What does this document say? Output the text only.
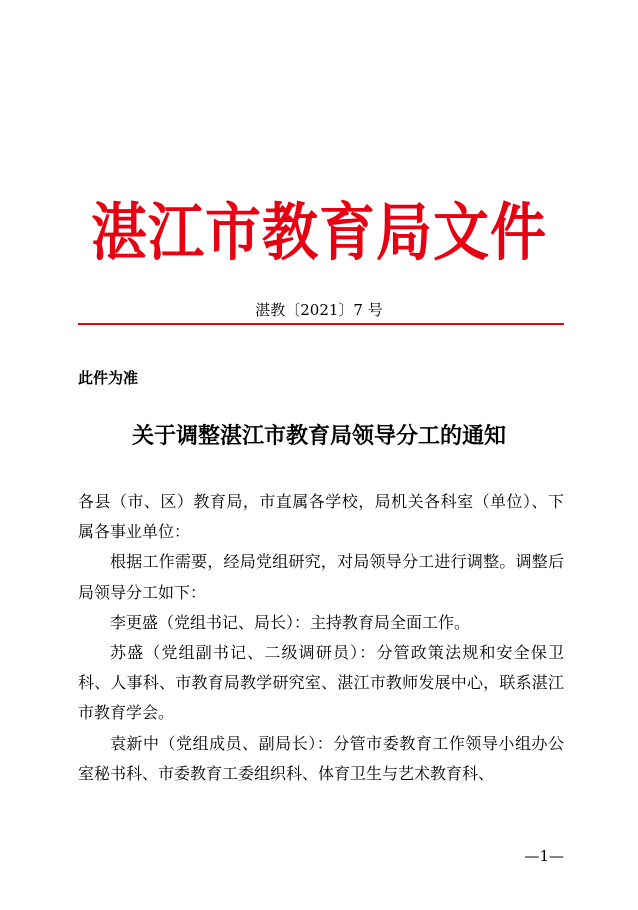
湛江市教育局文件
湛教〔2021〕7 号
此件为准
关于调整湛江市教育局领导分工的通知

各县（市、区）教育局，市直属各学校，局机关各科室（单位）、下属各事业单位：

根据工作需要，经局党组研究，对局领导分工进行调整。调整后局领导分工如下：

李更盛（党组书记、局长）：主持教育局全面工作。

苏盛（党组副书记、二级调研员）：分管政策法规和安全保卫科、人事科、市教育局教学研究室、湛江市教师发展中心，联系湛江市教育学会。

袁新中（党组成员、副局长）：分管市委教育工作领导小组办公室秘书科、市委教育工委组织科、体育卫生与艺术教育科、

—1—
